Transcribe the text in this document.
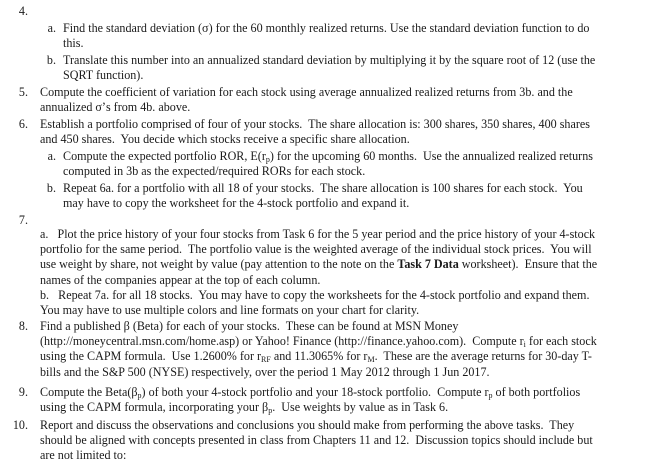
4.
a. Find the standard deviation (σ) for the 60 monthly realized returns. Use the standard deviation function to do
this.
b. Translate this number into an annualized standard deviation by multiplying it by the square root of 12 (use the
SQRT function).
5. Compute the coefficient of variation for each stock using average annualized realized returns from 3b. and the
annualized σ’s from 4b. above.
6. Establish a portfolio comprised of four of your stocks.  The share allocation is: 300 shares, 350 shares, 400 shares
and 450 shares.  You decide which stocks receive a specific share allocation.
a. Compute the expected portfolio ROR, $E(r_p)$ for the upcoming 60 months.  Use the annualized realized returns
computed in 3b as the expected/required RORs for each stock.
b. Repeat 6a. for a portfolio with all 18 of your stocks.  The share allocation is 100 shares for each stock.  You
may have to copy the worksheet for the 4-stock portfolio and expand it.
7.
a.   Plot the price history of your four stocks from Task 6 for the 5 year period and the price history of your 4-stock
portfolio for the same period.  The portfolio value is the weighted average of the individual stock prices.  You will
use weight by share, not weight by value (pay attention to the note on the Task 7 Data worksheet).  Ensure that the
names of the companies appear at the top of each column.
b.   Repeat 7a. for all 18 stocks.  You may have to copy the worksheets for the 4-stock portfolio and expand them.
You may have to use multiple colors and line formats on your chart for clarity.
8. Find a published β (Beta) for each of your stocks.  These can be found at MSN Money
(http://moneycentral.msn.com/home.asp) or Yahoo! Finance (http://finance.yahoo.com).  Compute $r_i$ for each stock
using the CAPM formula.  Use 1.2600% for $r_{RF}$ and 11.3065% for $r_M$.  These are the average returns for 30-day T-
bills and the S&P 500 (NYSE) respectively, over the period 1 May 2012 through 1 Jun 2017.
9. Compute the $Beta(\beta_p)$ of both your 4-stock portfolio and your 18-stock portfolio.  Compute $r_p$ of both portfolios
using the CAPM formula, incorporating your $\beta_p$.  Use weights by value as in Task 6.
10. Report and discuss the observations and conclusions you should make from performing the above tasks.  They
should be aligned with concepts presented in class from Chapters 11 and 12.  Discussion topics should include but
are not limited to:
